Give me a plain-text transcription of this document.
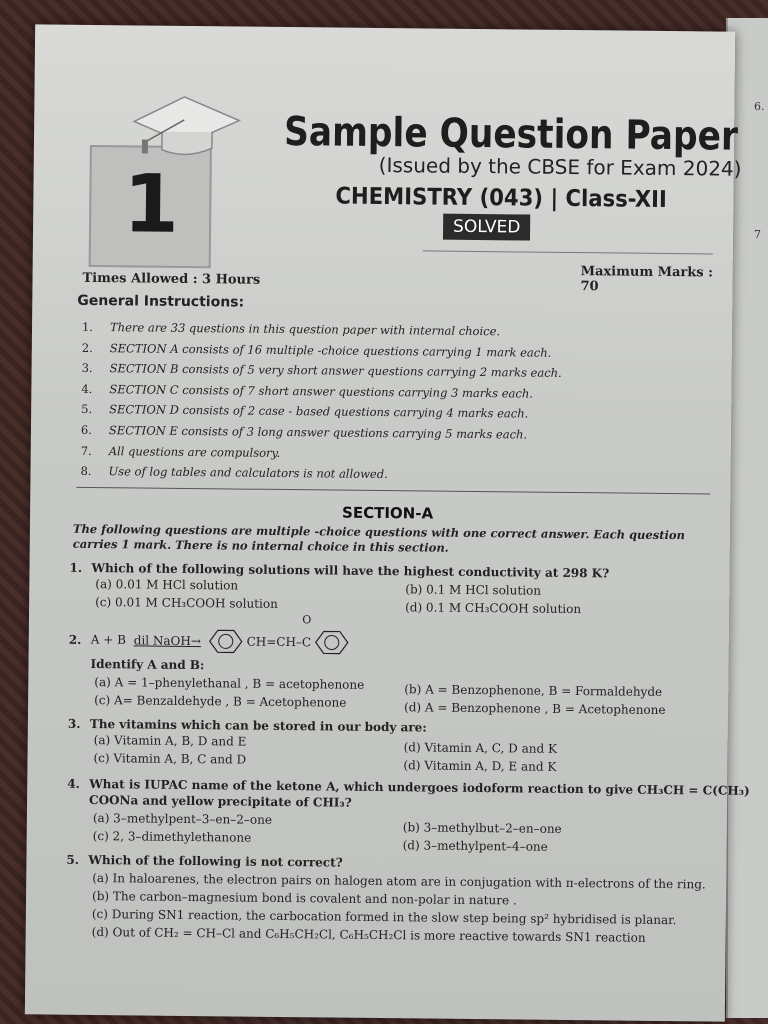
6.
7
1
Sample Question Paper
(Issued by the CBSE for Exam 2024)
CHEMISTRY (043) | Class-XII
SOLVED
Maximum Marks : 70
Times Allowed : 3 Hours
General Instructions:
1. There are 33 questions in this question paper with internal choice.
2. SECTION A consists of 16 multiple -choice questions carrying 1 mark each.
3. SECTION B consists of 5 very short answer questions carrying 2 marks each.
4. SECTION C consists of 7 short answer questions carrying 3 marks each.
5. SECTION D consists of 2 case - based questions carrying 4 marks each.
6. SECTION E consists of 3 long answer questions carrying 5 marks each.
7. All questions are compulsory.
8. Use of log tables and calculators is not allowed.
SECTION-A
The following questions are multiple -choice questions with one correct answer. Each question carries 1 mark. There is no internal choice in this section.
1. Which of the following solutions will have the highest conductivity at 298 K?
(a) 0.01 M HCl solution	(b) 0.1 M HCl solution
(c) 0.01 M CH₃COOH solution	(d) 0.1 M CH₃COOH solution
2. A + B dil NaOH→	CH=CH–C
O

Identify A and B:
(a) A = 1–phenylethanal , B = acetophenone	(b) A = Benzophenone, B = Formaldehyde
(c) A= Benzaldehyde , B = Acetophenone	(d) A = Benzophenone , B = Acetophenone
3. The vitamins which can be stored in our body are:
(a) Vitamin A, B, D and E	(d) Vitamin A, C, D and K
(c) Vitamin A, B, C and D	(d) Vitamin A, D, E and K
4. What is IUPAC name of the ketone A, which undergoes iodoform reaction to give CH₃CH = C(CH₃)
COONa and yellow precipitate of CHI₃?
(a) 3–methylpent–3–en–2–one
(b) 3–methylbut–2–en–one
(c) 2, 3–dimethylethanone
(d) 3–methylpent–4–one
5. Which of the following is not correct?
(a) In haloarenes, the electron pairs on halogen atom are in conjugation with π-electrons of the ring.
(b) The carbon–magnesium bond is covalent and non-polar in nature .
(c) During SN1 reaction, the carbocation formed in the slow step being sp² hybridised is planar.
(d) Out of CH₂ = CH–Cl and C₆H₅CH₂Cl, C₆H₅CH₂Cl is more reactive towards SN1 reaction
